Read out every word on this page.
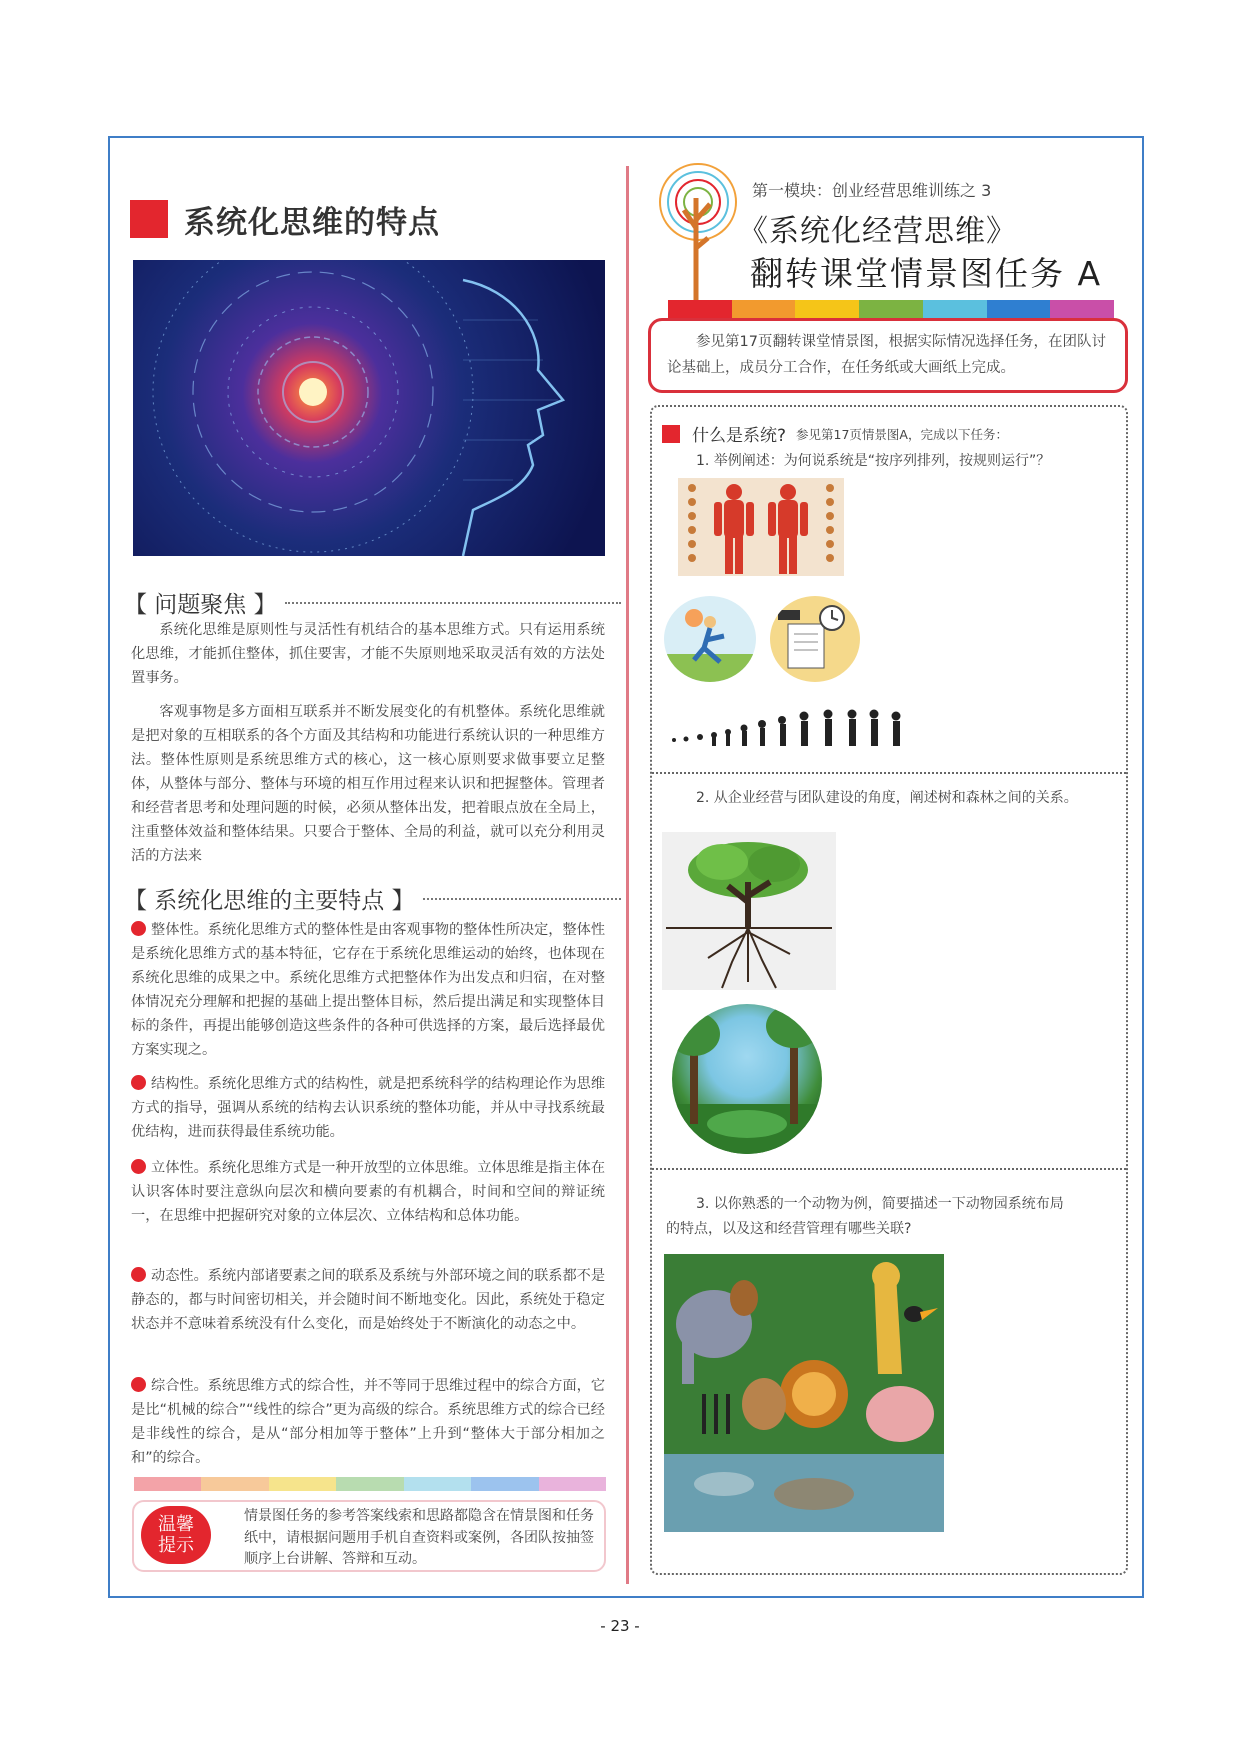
系统化思维的特点
【 问题聚焦 】

系统化思维是原则性与灵活性有机结合的基本思维方式。只有运用系统化思维，才能抓住整体，抓住要害，才能不失原则地采取灵活有效的方法处置事务。

客观事物是多方面相互联系并不断发展变化的有机整体。系统化思维就是把对象的互相联系的各个方面及其结构和功能进行系统认识的一种思维方法。整体性原则是系统思维方式的核心，这一核心原则要求做事要立足整体，从整体与部分、整体与环境的相互作用过程来认识和把握整体。管理者和经营者思考和处理问题的时候，必须从整体出发，把着眼点放在全局上，注重整体效益和整体结果。只要合于整体、全局的利益，就可以充分利用灵活的方法来

【 系统化思维的主要特点 】

整体性。系统化思维方式的整体性是由客观事物的整体性所决定，整体性是系统化思维方式的基本特征，它存在于系统化思维运动的始终，也体现在系统化思维的成果之中。系统化思维方式把整体作为出发点和归宿，在对整体情况充分理解和把握的基础上提出整体目标，然后提出满足和实现整体目标的条件，再提出能够创造这些条件的各种可供选择的方案，最后选择最优方案实现之。

结构性。系统化思维方式的结构性，就是把系统科学的结构理论作为思维方式的指导，强调从系统的结构去认识系统的整体功能，并从中寻找系统最优结构，进而获得最佳系统功能。

立体性。系统化思维方式是一种开放型的立体思维。立体思维是指主体在认识客体时要注意纵向层次和横向要素的有机耦合，时间和空间的辩证统一，在思维中把握研究对象的立体层次、立体结构和总体功能。

动态性。系统内部诸要素之间的联系及系统与外部环境之间的联系都不是静态的，都与时间密切相关，并会随时间不断地变化。因此，系统处于稳定状态并不意味着系统没有什么变化，而是始终处于不断演化的动态之中。

综合性。系统思维方式的综合性，并不等同于思维过程中的综合方面，它是比“机械的综合”“线性的综合”更为高级的综合。系统思维方式的综合已经是非线性的综合，是从“部分相加等于整体”上升到“整体大于部分相加之和”的综合。

温馨
提示
情景图任务的参考答案线索和思路都隐含在情景图和任务纸中，请根据问题用手机自查资料或案例，各团队按抽签顺序上台讲解、答辩和互动。
第一模块：创业经营思维训练之 3
《系统化经营思维》
翻转课堂情景图任务 A

参见第17页翻转课堂情景图，根据实际情况选择任务，在团队讨论基础上，成员分工合作，在任务纸或大画纸上完成。

什么是系统? 参见第17页情景图A，完成以下任务：
1. 举例阐述：为何说系统是“按序列排列，按规则运行”？
2. 从企业经营与团队建设的角度，阐述树和森林之间的关系。
3. 以你熟悉的一个动物为例，简要描述一下动物园系统布局
的特点，以及这和经营管理有哪些关联?
- 23 -
